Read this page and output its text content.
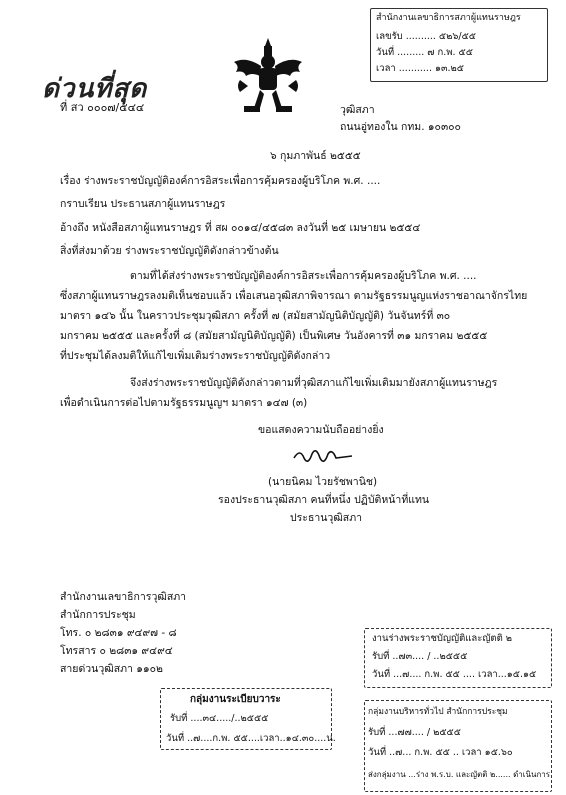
ด่วนที่สุด
ที่ สว ๐๐๐๗/๕๔๔
สำนักงานเลขาธิการสภาผู้แทนราษฎร
เลขรับ .......... ๕๒๖/๕๕
วันที่ ......... ๗ ก.พ. ๕๕
เวลา ........... ๑๓.๒๕
วุฒิสภา
ถนนอู่ทองใน กทม. ๑๐๓๐๐
๖ กุมภาพันธ์ ๒๕๕๕
เรื่อง ร่างพระราชบัญญัติองค์การอิสระเพื่อการคุ้มครองผู้บริโภค พ.ศ. ....
กราบเรียน ประธานสภาผู้แทนราษฎร
อ้างถึง หนังสือสภาผู้แทนราษฎร ที่ สผ ๐๐๑๔/๔๕๘๓ ลงวันที่ ๒๕ เมษายน ๒๕๕๔
สิ่งที่ส่งมาด้วย ร่างพระราชบัญญัติดังกล่าวข้างต้น
ตามที่ได้ส่งร่างพระราชบัญญัติองค์การอิสระเพื่อการคุ้มครองผู้บริโภค พ.ศ. ....
ซึ่งสภาผู้แทนราษฎรลงมติเห็นชอบแล้ว เพื่อเสนอวุฒิสภาพิจารณา ตามรัฐธรรมนูญแห่งราชอาณาจักรไทย
มาตรา ๑๔๖ นั้น ในคราวประชุมวุฒิสภา ครั้งที่ ๗ (สมัยสามัญนิติบัญญัติ) วันจันทร์ที่ ๓๐
มกราคม ๒๕๕๕ และครั้งที่ ๘ (สมัยสามัญนิติบัญญัติ) เป็นพิเศษ วันอังคารที่ ๓๑ มกราคม ๒๕๕๕
ที่ประชุมได้ลงมติให้แก้ไขเพิ่มเติมร่างพระราชบัญญัติดังกล่าว
จึงส่งร่างพระราชบัญญัติดังกล่าวตามที่วุฒิสภาแก้ไขเพิ่มเติมมายังสภาผู้แทนราษฎร
เพื่อดำเนินการต่อไปตามรัฐธรรมนูญฯ มาตรา ๑๔๗ (๓)
ขอแสดงความนับถืออย่างยิ่ง
(นายนิคม ไวยรัชพานิช)
รองประธานวุฒิสภา คนที่หนึ่ง ปฏิบัติหน้าที่แทน
ประธานวุฒิสภา
สำนักงานเลขาธิการวุฒิสภา
สำนักการประชุม
โทร. ๐ ๒๘๓๑ ๙๔๙๗ - ๘
โทรสาร ๐ ๒๘๓๑ ๙๔๙๔
สายด่วนวุฒิสภา ๑๑๐๒
กลุ่มงานระเบียบวาระ
รับที่ ....๓๔...../..๒๕๕๕
วันที่ ..๗....ก.พ. ๕๕....เวลา..๑๔.๓๐....น.
งานร่างพระราชบัญญัติและญัตติ ๒
รับที่ ..๗๓.... / ..๒๕๕๕
วันที่ ...๗.... ก.พ. ๕๕ .... เวลา...๑๕.๑๕
กลุ่มงานบริหารทั่วไป สำนักการประชุม
รับที่ ...๗๗.... / ๒๕๕๕
วันที่ ..๗... ก.พ. ๕๕ .. เวลา ๑๕.๖๐
ส่งกลุ่มงาน ...ร่าง พ.ร.บ. และญัตติ ๒...... ดำเนินการ
